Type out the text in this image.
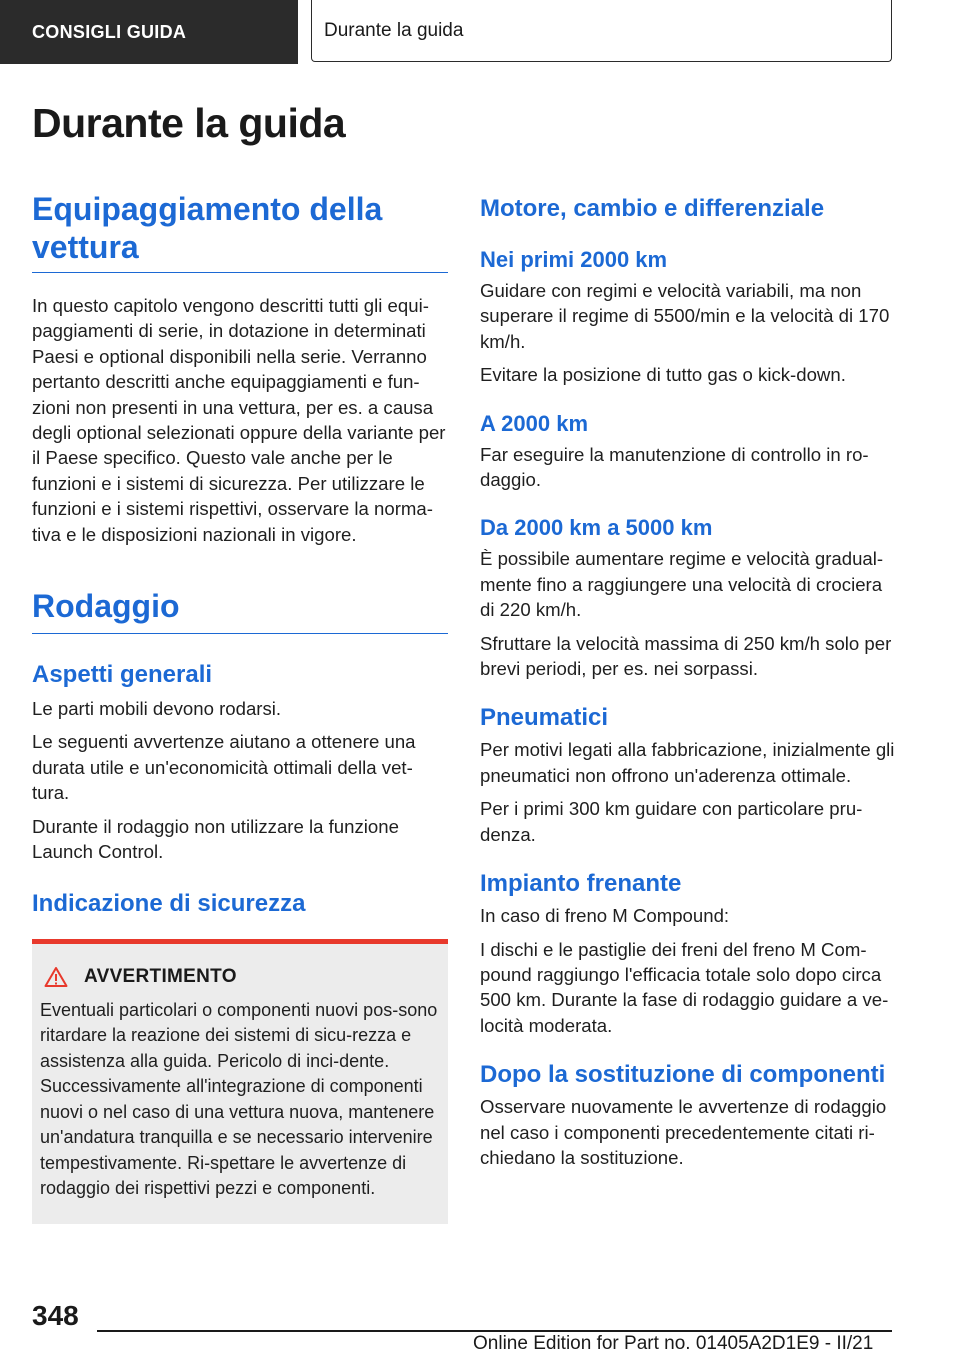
CONSIGLI GUIDA	Durante la guida
Durante la guida
Equipaggiamento della vettura

In questo capitolo vengono descritti tutti gli equi-paggiamenti di serie, in dotazione in determinati Paesi e optional disponibili nella serie. Verranno pertanto descritti anche equipaggiamenti e fun-zioni non presenti in una vettura, per es. a causa degli optional selezionati oppure della variante per il Paese specifico. Questo vale anche per le funzioni e i sistemi di sicurezza. Per utilizzare le funzioni e i sistemi rispettivi, osservare la norma-tiva e le disposizioni nazionali in vigore.

Rodaggio
Aspetti generali

Le parti mobili devono rodarsi.

Le seguenti avvertenze aiutano a ottenere una durata utile e un'economicità ottimali della vet-tura.

Durante il rodaggio non utilizzare la funzione Launch Control.

Indicazione di sicurezza
AVVERTIMENTO

Eventuali particolari o componenti nuovi pos-sono ritardare la reazione dei sistemi di sicu-rezza e assistenza alla guida. Pericolo di inci-dente. Successivamente all'integrazione di componenti nuovi o nel caso di una vettura nuova, mantenere un'andatura tranquilla e se necessario intervenire tempestivamente. Ri-spettare le avvertenze di rodaggio dei rispettivi pezzi e componenti.

Motore, cambio e differenziale
Nei primi 2000 km

Guidare con regimi e velocità variabili, ma non superare il regime di 5500/min e la velocità di 170 km/h.

Evitare la posizione di tutto gas o kick-down.

A 2000 km

Far eseguire la manutenzione di controllo in ro-daggio.

Da 2000 km a 5000 km

È possibile aumentare regime e velocità gradual-mente fino a raggiungere una velocità di crociera di 220 km/h.

Sfruttare la velocità massima di 250 km/h solo per brevi periodi, per es. nei sorpassi.

Pneumatici

Per motivi legati alla fabbricazione, inizialmente gli pneumatici non offrono un'aderenza ottimale.

Per i primi 300 km guidare con particolare pru-denza.

Impianto frenante

In caso di freno M Compound:

I dischi e le pastiglie dei freni del freno M Com-pound raggiungo l'efficacia totale solo dopo circa 500 km. Durante la fase di rodaggio guidare a ve-locità moderata.

Dopo la sostituzione di componenti

Osservare nuovamente le avvertenze di rodaggio nel caso i componenti precedentemente citati ri-chiedano la sostituzione.

348
Online Edition for Part no. 01405A2D1E9 - II/21
